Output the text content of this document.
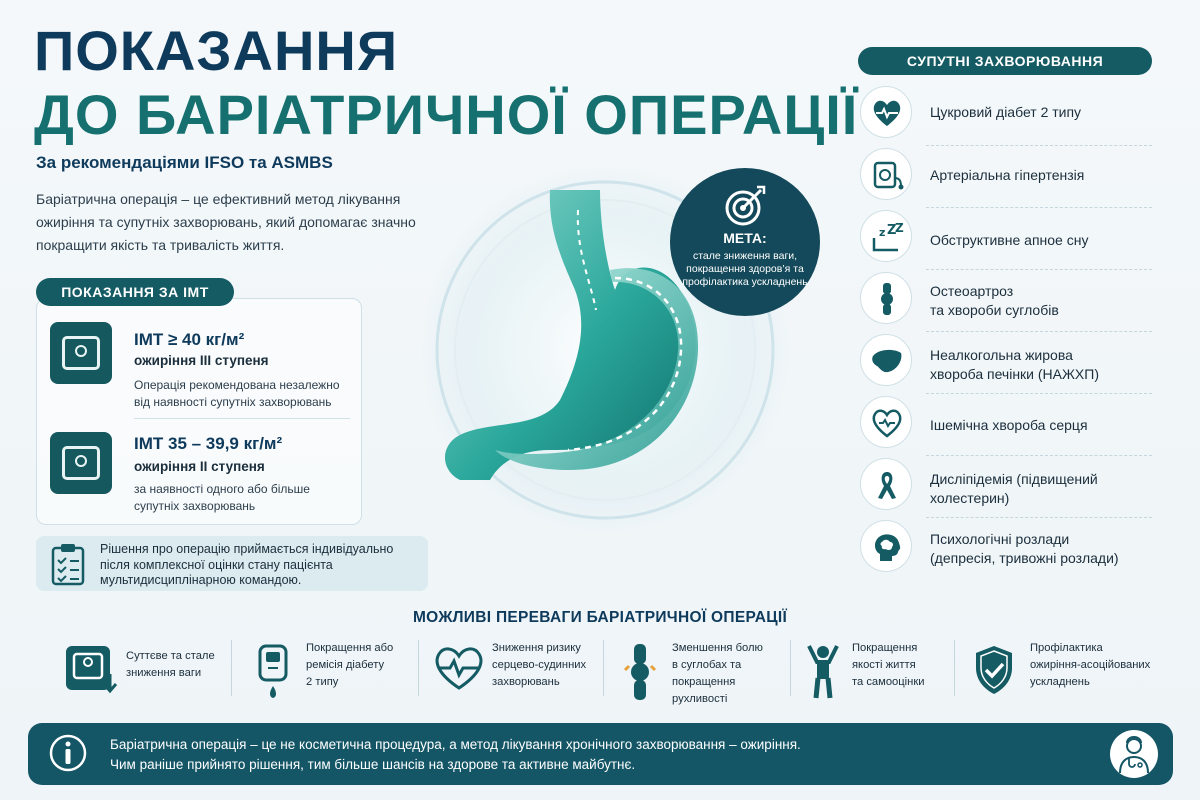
ПОКАЗАННЯ
ДО БАРІАТРИЧНОЇ ОПЕРАЦІЇ
За рекомендаціями IFSO та ASMBS
Баріатрична операція – це ефективний метод лікування ожиріння та супутніх захворювань, який допомагає значно покращити якість та тривалість життя.	МЕТА:
стале зниження ваги, покращення здоров’я та профілактика ускладнень
ПОКАЗАННЯ ЗА ІМТ
ІМТ ≥ 40 кг/м²
ожиріння ІІІ ступеня
Операція рекомендована незалежно від наявності супутніх захворювань
ІМТ 35 – 39,9 кг/м²
ожиріння ІІ ступеня
за наявності одного або більше супутніх захворювань
Рішення про операцію приймається індивідуально після комплексної оцінки стану пацієнта мультидисциплінарною командою.
СУПУТНІ ЗАХВОРЮВАННЯ
Цукровий діабет 2 типу
Артеріальна гіпертензія
z Z
Z
Обструктивне апное сну
Остеоартроз
та хвороби суглобів
Неалкогольна жирова
хвороба печінки (НАЖХП)
Ішемічна хвороба серця
Дисліпідемія (підвищений
холестерин)
Психологічні розлади
(депресія, тривожні розлади)
МОЖЛИВІ ПЕРЕВАГИ БАРІАТРИЧНОЇ ОПЕРАЦІЇ
Суттєве та стале
зниження ваги
Покращення або
ремісія діабету
2 типу
Зниження ризику
серцево-судинних
захворювань
Зменшення болю
в суглобах та
покращення рухливості
Покращення
якості життя
та самооцінки
Профілактика
ожиріння-асоційованих
ускладнень
Баріатрична операція – це не косметична процедура, а метод лікування хронічного захворювання – ожиріння.
Чим раніше прийнято рішення, тим більше шансів на здорове та активне майбутнє.
